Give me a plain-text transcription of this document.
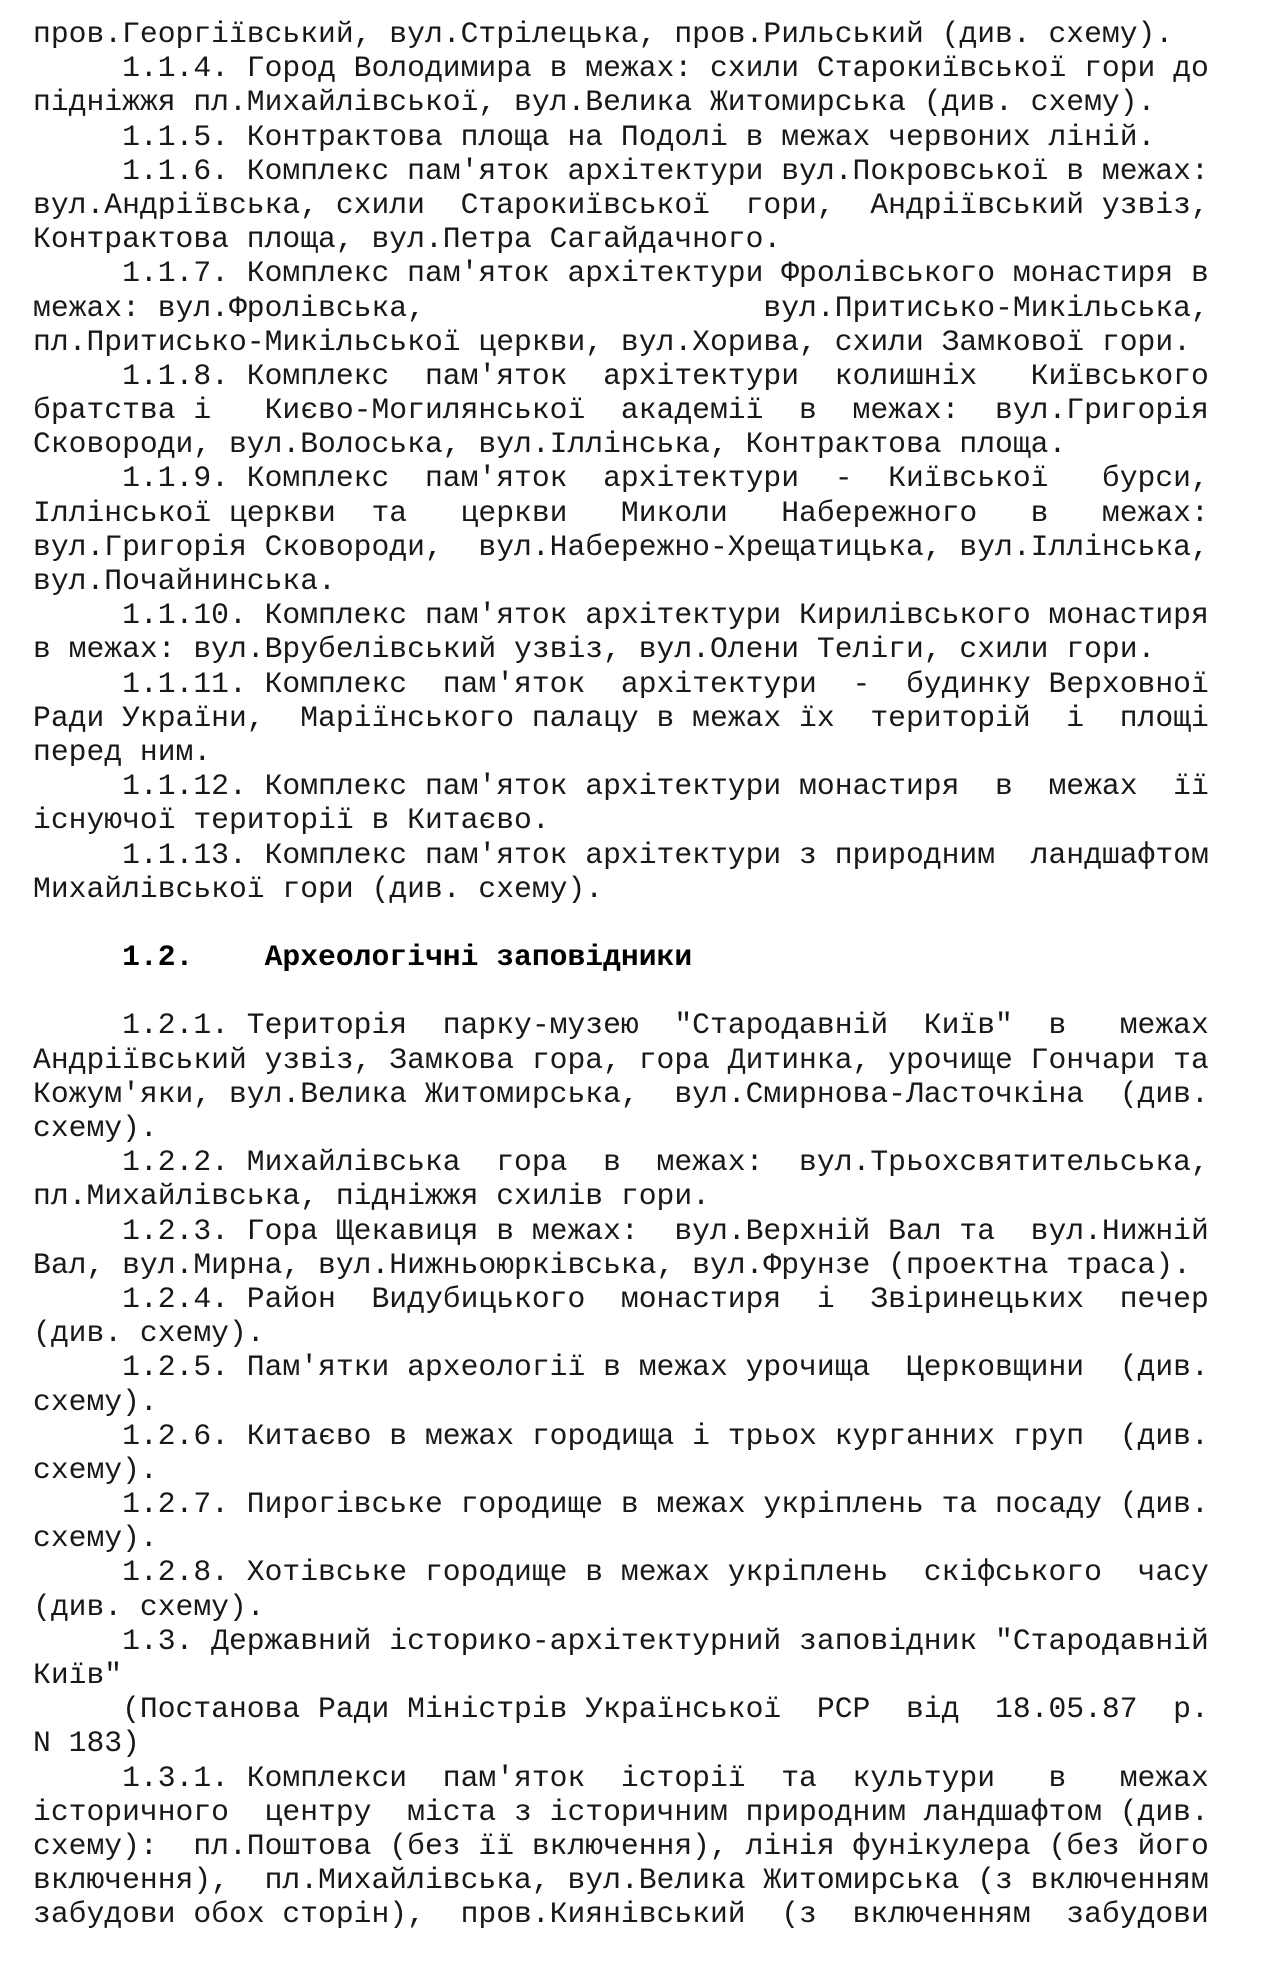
пров.Георгіївський, вул.Стрілецька, пров.Рильський (див. схему).
1.1.4. Город Володимира в межах: схили Старокиївської гори до
підніжжя пл.Михайлівської, вул.Велика Житомирська (див. схему).
1.1.5. Контрактова площа на Подолі в межах червоних ліній.
1.1.6. Комплекс пам'яток архітектури вул.Покровської в межах:
вул.Андріївська, схили  Старокиївської  гори,  Андріївський узвіз,
Контрактова площа, вул.Петра Сагайдачного.
1.1.7. Комплекс пам'яток архітектури Фролівського монастиря в
межах: вул.Фролівська,                   вул.Притисько-Микільська,
пл.Притисько-Микільської церкви, вул.Хорива, схили Замкової гори.
1.1.8. Комплекс  пам'яток  архітектури  колишніх   Київського
братства і   Києво-Могилянської  академії  в  межах:  вул.Григорія
Сковороди, вул.Волоська, вул.Іллінська, Контрактова площа.
1.1.9. Комплекс  пам'яток  архітектури  -  Київської   бурси,
Іллінської церкви  та   церкви   Миколи   Набережного   в   межах:
вул.Григорія Сковороди,  вул.Набережно-Хрещатицька, вул.Іллінська,
вул.Почайнинська.
1.1.10. Комплекс пам'яток архітектури Кирилівського монастиря
в межах: вул.Врубелівський узвіз, вул.Олени Теліги, схили гори.
1.1.11. Комплекс  пам'яток  архітектури  -  будинку Верховної
Ради України,  Маріїнського палацу в межах їх  територій  і  площі
перед ним.
1.1.12. Комплекс пам'яток архітектури монастиря  в  межах  її
існуючої території в Китаєво.
1.1.13. Комплекс пам'яток архітектури з природним  ландшафтом
Михайлівської гори (див. схему).

1.2.    Археологічні заповідники

1.2.1. Територія  парку-музею  "Стародавній  Київ"  в   межах
Андріївський узвіз, Замкова гора, гора Дитинка, урочище Гончари та
Кожум'яки, вул.Велика Житомирська,  вул.Смирнова-Ласточкіна  (див.
схему).
1.2.2. Михайлівська  гора  в  межах:  вул.Трьохсвятительська,
пл.Михайлівська, підніжжя схилів гори.
1.2.3. Гора Щекавиця в межах:  вул.Верхній Вал та  вул.Нижній
Вал, вул.Мирна, вул.Нижньоюрківська, вул.Фрунзе (проектна траса).
1.2.4. Район  Видубицького  монастиря  і  Звіринецьких  печер
(див. схему).
1.2.5. Пам'ятки археології в межах урочища  Церковщини  (див.
схему).
1.2.6. Китаєво в межах городища і трьох курганних груп  (див.
схему).
1.2.7. Пирогівське городище в межах укріплень та посаду (див.
схему).
1.2.8. Хотівське городище в межах укріплень  скіфського  часу
(див. схему).
1.3. Державний історико-архітектурний заповідник "Стародавній
Київ"
(Постанова Ради Міністрів Української  РСР  від  18.05.87  р.
N 183)
1.3.1. Комплекси  пам'яток  історії  та  культури   в   межах
історичного  центру  міста з історичним природним ландшафтом (див.
схему):  пл.Поштова (без її включення), лінія фунікулера (без його
включення),  пл.Михайлівська, вул.Велика Житомирська (з включенням
забудови обох сторін),  пров.Киянівський  (з  включенням  забудови
